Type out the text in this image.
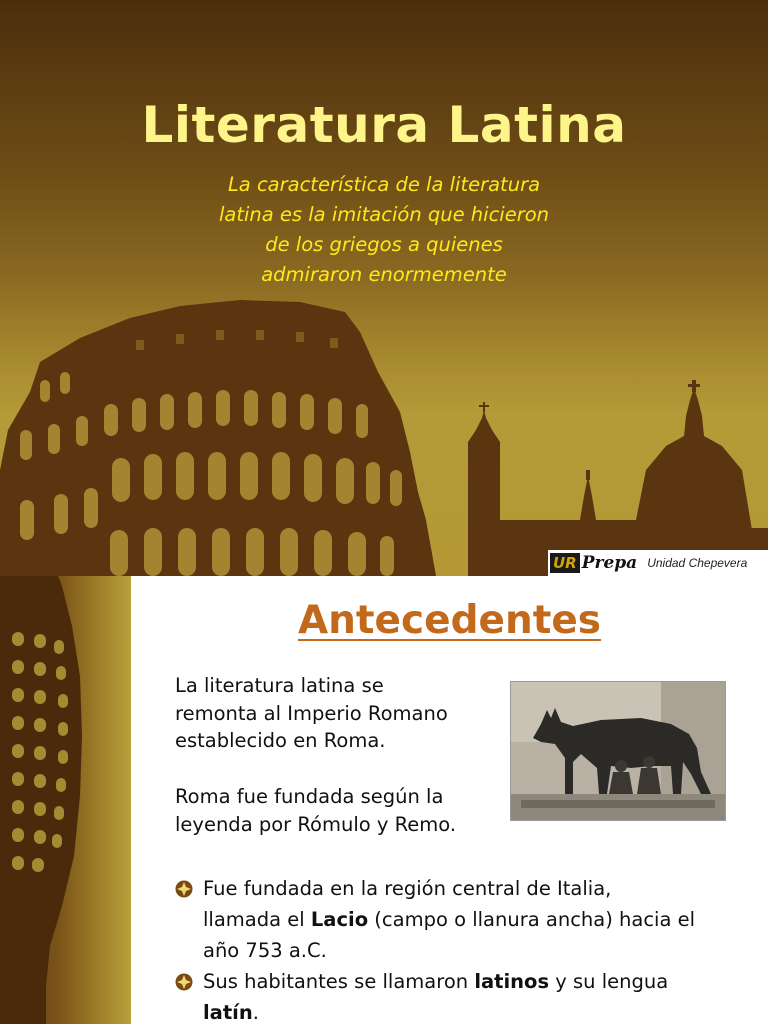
Literatura Latina
La característica de la literatura
latina es la imitación que hicieron
de los griegos a quienes
admiraron enormemente
UR Prepa Unidad Chepevera
Antecedentes
La literatura latina se
remonta al Imperio Romano
establecido en Roma.
Roma fue fundada según la
leyenda por Rómulo y Remo.
Fue fundada en la región central de Italia,
llamada el Lacio (campo o llanura ancha) hacia el
año 753 a.C.
Sus habitantes se llamaron latinos y su lengua
latín.
